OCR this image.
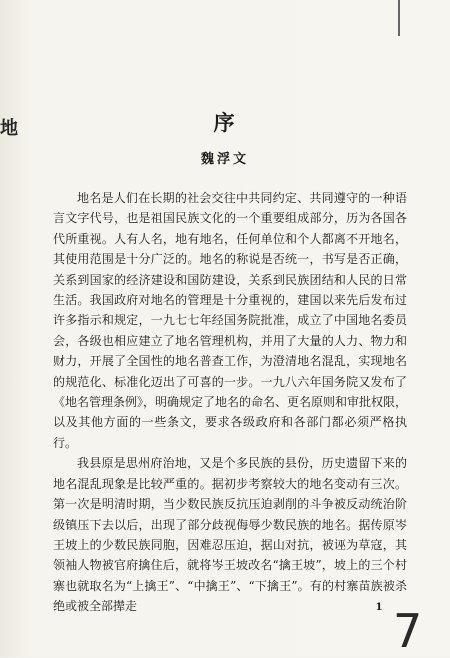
地	序
魏浮文

地名是人们在长期的社会交往中共同约定、共同遵守的一种语言文字代号，也是祖国民族文化的一个重要组成部分，历为各国各代所重视。人有人名，地有地名，任何单位和个人都离不开地名，其使用范围是十分广泛的。地名的称说是否统一，书写是否正确，关系到国家的经济建设和国防建设，关系到民族团结和人民的日常生活。我国政府对地名的管理是十分重视的，建国以来先后发布过许多指示和规定，一九七七年经国务院批准，成立了中国地名委员会，各级也相应建立了地名管理机构，并用了大量的人力、物力和财力，开展了全国性的地名普查工作，为澄清地名混乱，实现地名的规范化、标准化迈出了可喜的一步。一九八六年国务院又发布了《地名管理条例》，明确规定了地名的命名、更名原则和审批权限，以及其他方面的一些条文，要求各级政府和各部门都必须严格执行。

我县原是思州府治地，又是个多民族的县份，历史遗留下来的地名混乱现象是比较严重的。据初步考察较大的地名变动有三次。第一次是明清时期，当少数民族反抗压迫剥削的斗争被反动统治阶级镇压下去以后，出现了部分歧视侮辱少数民族的地名。据传原岑王坡上的少数民族同胞，因难忍压迫，据山对抗，被诬为草寇，其领袖人物被官府擒住后，就将岑王坡改名“擒王坡”，坡上的三个村寨也就取名为“上擒王”、“中擒王”、“下擒王”。有的村寨苗族被杀绝或被全部撵走	1 7
